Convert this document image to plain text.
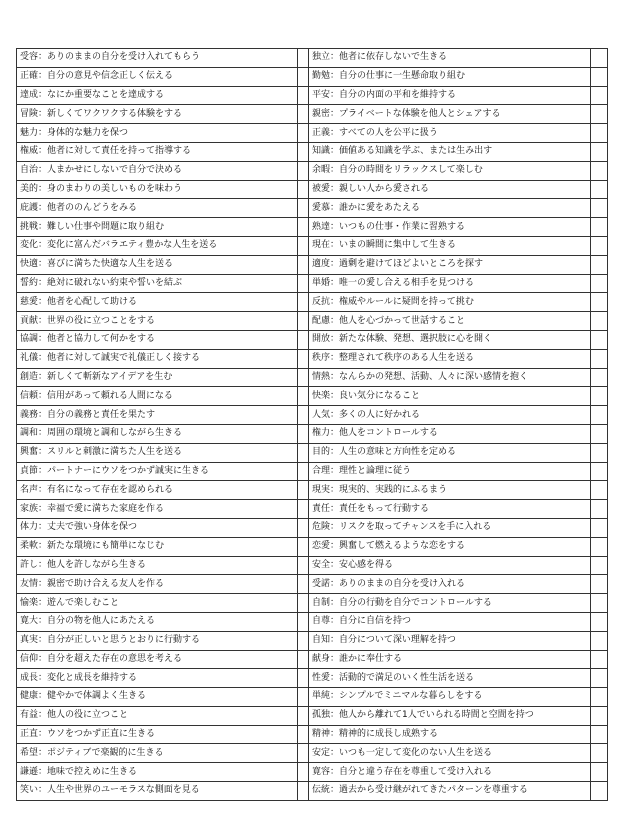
受容：ありのままの自分を受け入れてもらう		独立：他者に依存しないで生きる	
正確：自分の意見や信念正しく伝える		勤勉：自分の仕事に一生懸命取り組む	
達成：なにか重要なことを達成する		平安：自分の内面の平和を維持する	
冒険：新しくてワクワクする体験をする		親密：プライベートな体験を他人とシェアする	
魅力：身体的な魅力を保つ		正義：すべての人を公平に扱う	
権威：他者に対して責任を持って指導する		知識：価値ある知識を学ぶ、または生み出す	
自治：人まかせにしないで自分で決める		余暇：自分の時間をリラックスして楽しむ	
美的：身のまわりの美しいものを味わう		被愛：親しい人から愛される	
庇護：他者ののんどうをみる		愛慕：誰かに愛をあたえる	
挑戦：難しい仕事や問題に取り組む		熟達：いつもの仕事・作業に習熟する	
変化：変化に富んだバラエティ豊かな人生を送る		現在：いまの瞬間に集中して生きる	
快適：喜びに満ちた快適な人生を送る		適度：過剰を避けてほどよいところを探す	
誓約：絶対に破れない約束や誓いを結ぶ		単婚：唯一の愛し合える相手を見つける	
慈愛：他者を心配して助ける		反抗：権威やルールに疑問を持って挑む	
貢献：世界の役に立つことをする		配慮：他人を心づかって世話すること	
協調：他者と協力して何かをする		開放：新たな体験、発想、選択肢に心を開く	
礼儀：他者に対して誠実で礼儀正しく接する		秩序：整理されて秩序のある人生を送る	
創造：新しくて斬新なアイデアを生む		情熱：なんらかの発想、活動、人々に深い感情を抱く	
信頼：信用があって頼れる人間になる		快楽：良い気分になること	
義務：自分の義務と責任を果たす		人気：多くの人に好かれる	
調和：周囲の環境と調和しながら生きる		権力：他人をコントロールする	
興奮：スリルと刺激に満ちた人生を送る		目的：人生の意味と方向性を定める	
貞節：パートナーにウソをつかず誠実に生きる		合理：理性と論理に従う	
名声：有名になって存在を認められる		現実：現実的、実践的にふるまう	
家族：幸福で愛に満ちた家庭を作る		責任：責任をもって行動する	
体力：丈夫で強い身体を保つ		危険：リスクを取ってチャンスを手に入れる	
柔軟：新たな環境にも簡単になじむ		恋愛：興奮して燃えるような恋をする	
許し：他人を許しながら生きる		安全：安心感を得る	
友情：親密で助け合える友人を作る		受諾：ありのままの自分を受け入れる	
愉楽：遊んで楽しむこと		自制：自分の行動を自分でコントロールする	
寛大：自分の物を他人にあたえる		自尊：自分に自信を持つ	
真実：自分が正しいと思うとおりに行動する		自知：自分について深い理解を持つ	
信仰：自分を超えた存在の意思を考える		献身：誰かに奉仕する	
成長：変化と成長を維持する		性愛：活動的で満足のいく性生活を送る	
健康：健やかで体調よく生きる		単純：シンプルでミニマルな暮らしをする	
有益：他人の役に立つこと		孤独：他人から離れて1人でいられる時間と空間を持つ	
正直：ウソをつかず正直に生きる		精神：精神的に成長し成熟する	
希望：ポジティブで楽観的に生きる		安定：いつも一定して変化のない人生を送る	
謙遜：地味で控えめに生きる		寛容：自分と違う存在を尊重して受け入れる	
笑い：人生や世界のユーモラスな側面を見る		伝統：過去から受け継がれてきたパターンを尊重する	
